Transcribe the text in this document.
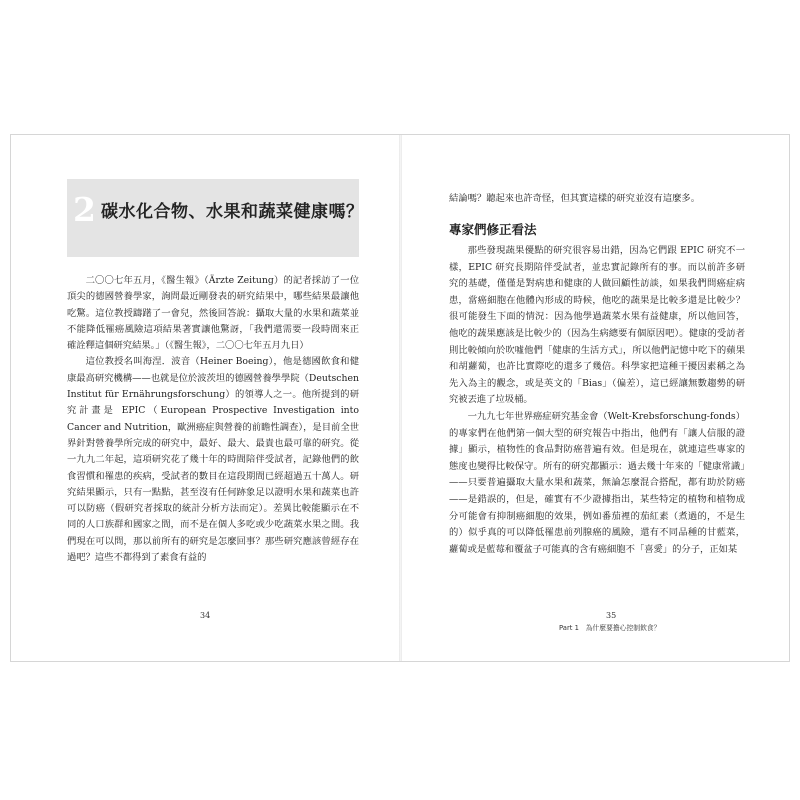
2 碳水化合物、水果和蔬菜健康嗎？

二〇〇七年五月，《醫生報》（Ärzte Zeitung）的記者採訪了一位頂尖的德國營養學家，詢問最近剛發表的研究結果中，哪些結果最讓他吃驚。這位教授躊躇了一會兒，然後回答說：攝取大量的水果和蔬菜並不能降低罹癌風險這項結果著實讓他驚訝，「我們還需要一段時間來正確詮釋這個研究結果。」（《醫生報》，二〇〇七年五月九日）

這位教授名叫海涅．波音（Heiner Boeing），他是德國飲食和健康最高研究機構——也就是位於波茨坦的德國營養學學院（Deutschen Institut für Ernährungsforschung）的領導人之一。他所提到的研究計畫是 EPIC（European Prospective Investigation into Cancer and Nutrition，歐洲癌症與營養的前瞻性調查），是目前全世界針對營養學所完成的研究中，最好、最大、最貴也最可靠的研究。從一九九二年起，這項研究花了幾十年的時間陪伴受試者，記錄他們的飲食習慣和罹患的疾病，受試者的數目在這段期間已經超過五十萬人。研究結果顯示，只有一點點，甚至沒有任何跡象足以證明水果和蔬菜也許可以防癌（假研究者採取的統計分析方法而定）。差異比較能顯示在不同的人口族群和國家之間，而不是在個人多吃或少吃蔬菜水果之間。我們現在可以問，那以前所有的研究是怎麼回事？那些研究應該曾經存在過吧？這些不都得到了素食有益的

34

結論嗎？聽起來也許奇怪，但其實這樣的研究並沒有這麼多。

專家們修正看法

那些發現蔬果優點的研究很容易出錯，因為它們跟 EPIC 研究不一樣，EPIC 研究長期陪伴受試者，並忠實記錄所有的事。而以前許多研究的基礎，僅僅是對病患和健康的人做回顧性訪談，如果我們問癌症病患，當癌細胞在他體內形成的時候，他吃的蔬果是比較多還是比較少？很可能發生下面的情況：因為他學過蔬菜水果有益健康，所以他回答，他吃的蔬果應該是比較少的（因為生病總要有個原因吧）。健康的受訪者則比較傾向於吹噓他們「健康的生活方式」，所以他們記憶中吃下的蘋果和胡蘿蔔，也許比實際吃的還多了幾倍。科學家把這種干擾因素稱之為先入為主的觀念，或是英文的「Bias」（偏差），這已經讓無數趨勢的研究被丟進了垃圾桶。

一九九七年世界癌症研究基金會（Welt-Krebsforschung-fonds）的專家們在他們第一個大型的研究報告中指出，他們有「讓人信服的證據」顯示，植物性的食品對防癌普遍有效。但是現在，就連這些專家的態度也變得比較保守。所有的研究都顯示：過去幾十年來的「健康常識」——只要普遍攝取大量水果和蔬菜，無論怎麼混合搭配，都有助於防癌——是錯誤的，但是，確實有不少證據指出，某些特定的植物和植物成分可能會有抑制癌細胞的效果，例如番茄裡的茄紅素（煮過的，不是生的）似乎真的可以降低罹患前列腺癌的風險，還有不同品種的甘藍菜，蘿蔔或是藍莓和覆盆子可能真的含有癌細胞不「喜愛」的分子，正如某

35
Part 1　為什麼要擔心控制飲食？
